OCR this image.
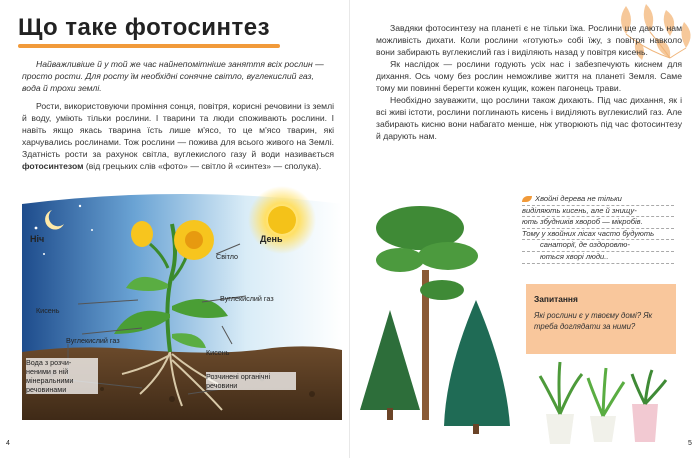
Що таке фотосинтез
Найважливіше й у той же час найнепомітніше заняття всіх рослин — просто рости. Для росту їм необхідні сонячне світло, вуглекислий газ, вода й трохи землі.

Рости, використовуючи проміння сонця, повітря, корисні речовини із землі й воду, уміють тільки рослини. І тварини та люди споживають рослини. І навіть якщо якась тварина їсть лише м'ясо, то це м'ясо тварин, які харчувались рослинами. Тож рослини — пожива для всього живого на Землі. Здатність рости за рахунок світла, вуглекислого газу й води називається фотосинтезом (від грецьких слів «фото» — світло й «синтез» — сполука).

Ніч	День
Світло
Вуглекислий газ
Кисень
Вуглекислий газ
Кисень
Вода з розчи-
неними в ній
мінеральними
речовинами
Розчинені органічні
речовини
4

Завдяки фотосинтезу на планеті є не тільки їжа. Рослини ще дають нам можливість дихати. Коли рослини «готують» собі їжу, з повітря навколо вони забирають вуглекислий газ і виділяють назад у повітря кисень.

Як наслідок — рослини годують усіх нас і забезпечують киснем для дихання. Ось чому без рослин неможливе життя на планеті Земля. Саме тому ми повинні берегти кожен кущик, кожен пагонець трави.

Необхідно зауважити, що рослини також дихають. Під час дихання, як і всі живі істоти, рослини поглинають кисень і виділяють вуглекислий газ. Але забирають кисню вони набагато менше, ніж утворюють під час фотосинтезу й дарують нам.

Хвойні дерева не тільки
виділяють кисень, але й знищу-
ють збудників хвороб — мікробів.
Тому у хвойних лісах часто будують
санаторії, де оздоровлю-
ються хворі люди..
Запитання
Які рослини є у твоєму домі? Як треба доглядати за ними?
5
